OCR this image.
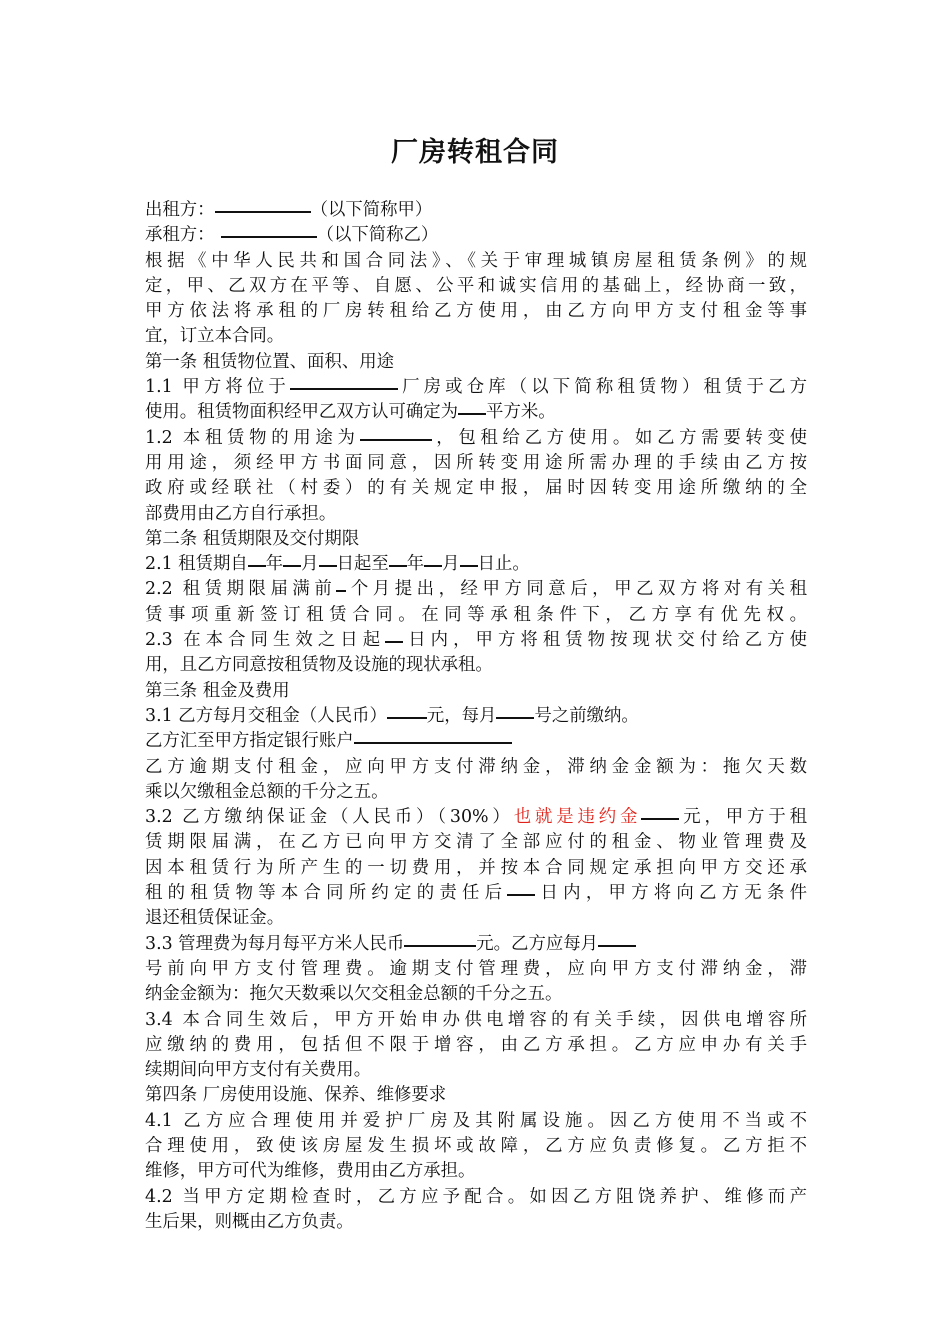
厂房转租合同
出租方：	（以下简称甲）
承租方：	（以下简称乙）
根据《中华人民共和国合同法》、《关于审理城镇房屋租赁条例》的规
定，甲、乙双方在平等、自愿、公平和诚实信用的基础上，经协商一致，
甲方依法将承租的厂房转租给乙方使用，由乙方向甲方支付租金等事
宜，订立本合同。
第一条 租赁物位置、面积、用途
1.1 甲方将位于	厂房或仓库（以下简称租赁物）租赁于乙方
使用。租赁物面积经甲乙双方认可确定为 平方米。
1.2 本租赁物的用途为	，包租给乙方使用。如乙方需要转变使
用用途，须经甲方书面同意，因所转变用途所需办理的手续由乙方按
政府或经联社（村委）的有关规定申报，届时因转变用途所缴纳的全
部费用由乙方自行承担。
第二条 租赁期限及交付期限
2.1 租赁期自 年 月 日起至 年 月 日止。
2.2 租赁期限届满前 个月提出，经甲方同意后，甲乙双方将对有关租
赁事项重新签订租赁合同。在同等承租条件下，乙方享有优先权。
2.3 在本合同生效之日起 日内，甲方将租赁物按现状交付给乙方使
用，且乙方同意按租赁物及设施的现状承租。
第三条 租金及费用
3.1 乙方每月交租金（人民币） 元，每月 号之前缴纳。
乙方汇至甲方指定银行账户
乙方逾期支付租金，应向甲方支付滞纳金，滞纳金金额为：拖欠天数
乘以欠缴租金总额的千分之五。
3.2 乙方缴纳保证金（人民币）（30%）也就是违约金 元，甲方于租
赁期限届满，在乙方已向甲方交清了全部应付的租金、物业管理费及
因本租赁行为所产生的一切费用，并按本合同规定承担向甲方交还承
租的租赁物等本合同所约定的责任后 日内，甲方将向乙方无条件
退还租赁保证金。
3.3 管理费为每月每平方米人民币	元。乙方应每月
号前向甲方支付管理费。逾期支付管理费，应向甲方支付滞纳金，滞
纳金金额为：拖欠天数乘以欠交租金总额的千分之五。
3.4 本合同生效后，甲方开始申办供电增容的有关手续，因供电增容所
应缴纳的费用，包括但不限于增容，由乙方承担。乙方应申办有关手
续期间向甲方支付有关费用。
第四条 厂房使用设施、保养、维修要求
4.1 乙方应合理使用并爱护厂房及其附属设施。因乙方使用不当或不
合理使用，致使该房屋发生损坏或故障，乙方应负责修复。乙方拒不
维修，甲方可代为维修，费用由乙方承担。
4.2 当甲方定期检查时，乙方应予配合。如因乙方阻饶养护、维修而产
生后果，则概由乙方负责。
